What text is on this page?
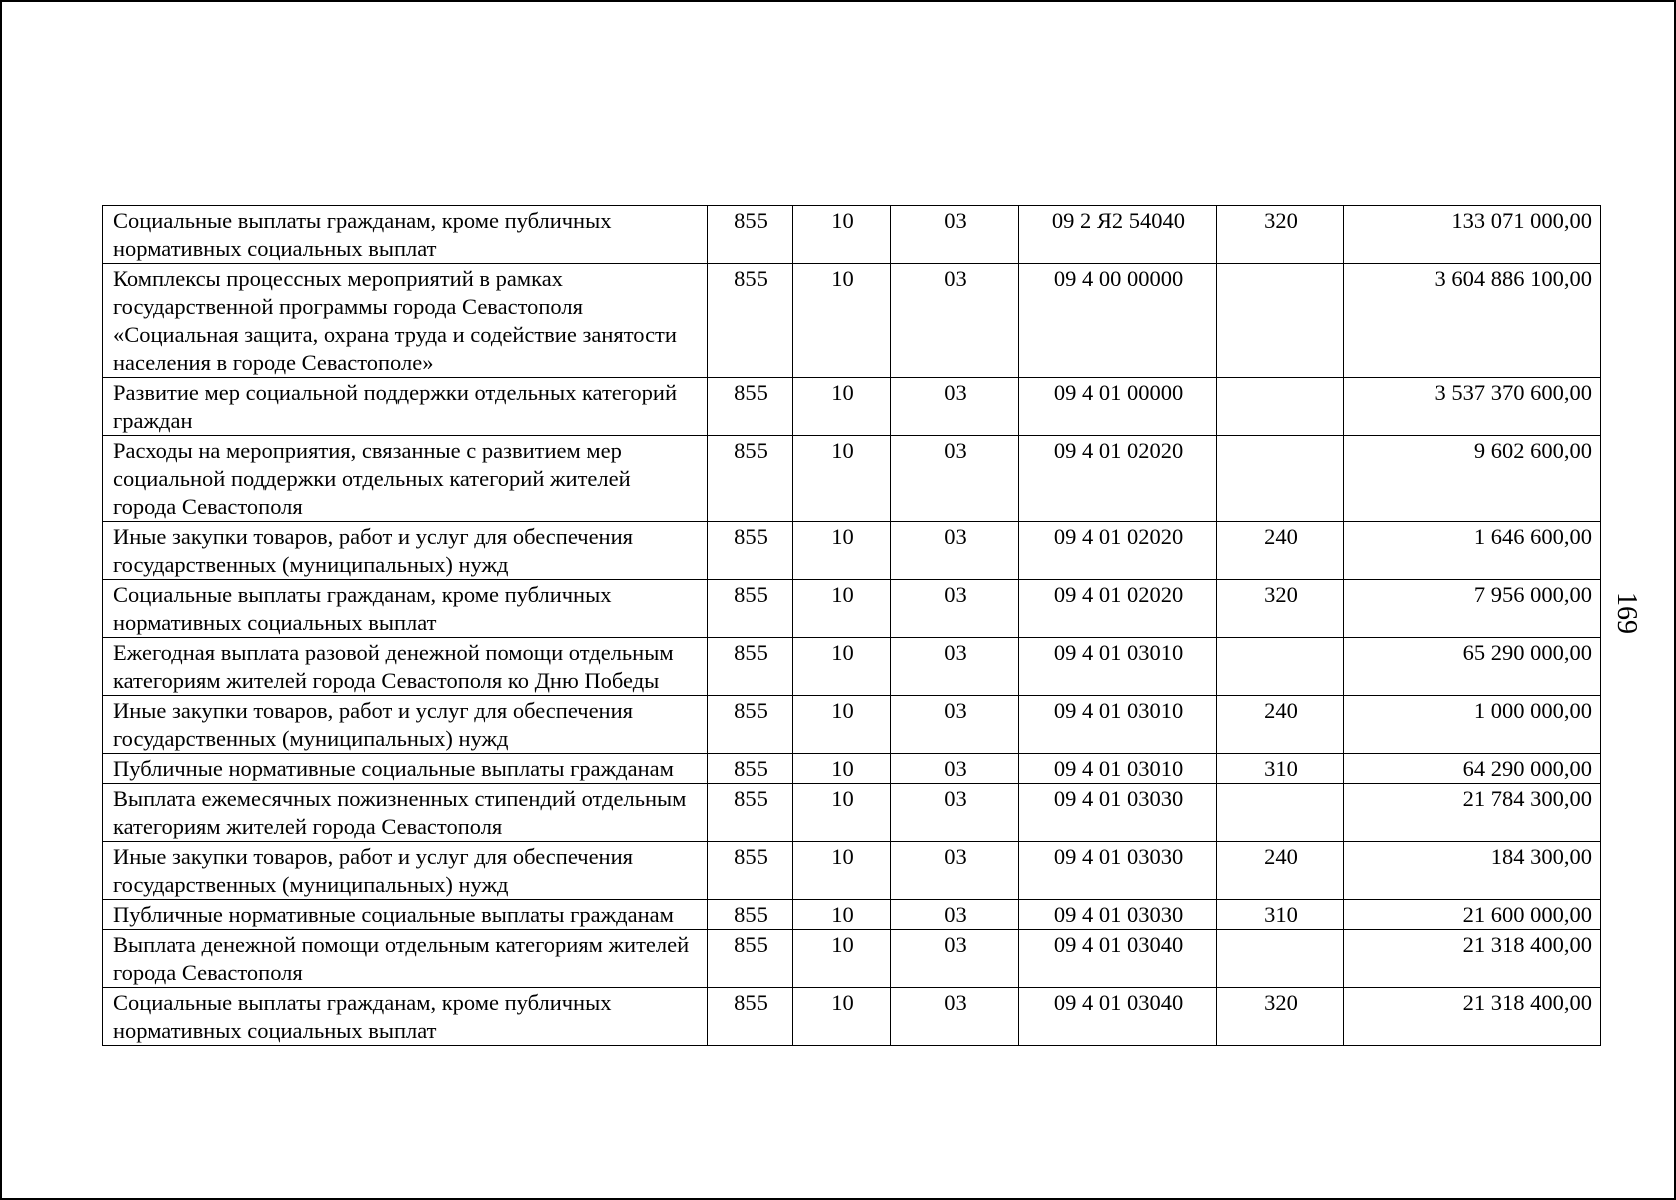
Социальные выплаты гражданам, кроме публичных нормативных социальных выплат	855	10	03	09 2 Я2 54040	320	133 071 000,00
Комплексы процессных мероприятий в рамках государственной программы города Севастополя «Социальная защита, охрана труда и содействие занятости населения в городе Севастополе»	855	10	03	09 4 00 00000		3 604 886 100,00
Развитие мер социальной поддержки отдельных категорий граждан	855	10	03	09 4 01 00000		3 537 370 600,00
Расходы на мероприятия, связанные с развитием мер социальной поддержки отдельных категорий жителей города Севастополя	855	10	03	09 4 01 02020		9 602 600,00
Иные закупки товаров, работ и услуг для обеспечения государственных (муниципальных) нужд	855	10	03	09 4 01 02020	240	1 646 600,00
Социальные выплаты гражданам, кроме публичных нормативных социальных выплат	855	10	03	09 4 01 02020	320	7 956 000,00
Ежегодная выплата разовой денежной помощи отдельным категориям жителей города Севастополя ко Дню Победы	855	10	03	09 4 01 03010		65 290 000,00
Иные закупки товаров, работ и услуг для обеспечения государственных (муниципальных) нужд	855	10	03	09 4 01 03010	240	1 000 000,00
Публичные нормативные социальные выплаты гражданам	855	10	03	09 4 01 03010	310	64 290 000,00
Выплата ежемесячных пожизненных стипендий отдельным категориям жителей города Севастополя	855	10	03	09 4 01 03030		21 784 300,00
Иные закупки товаров, работ и услуг для обеспечения государственных (муниципальных) нужд	855	10	03	09 4 01 03030	240	184 300,00
Публичные нормативные социальные выплаты гражданам	855	10	03	09 4 01 03030	310	21 600 000,00
Выплата денежной помощи отдельным категориям жителей города Севастополя	855	10	03	09 4 01 03040		21 318 400,00
Социальные выплаты гражданам, кроме публичных нормативных социальных выплат	855	10	03	09 4 01 03040	320	21 318 400,00
169
